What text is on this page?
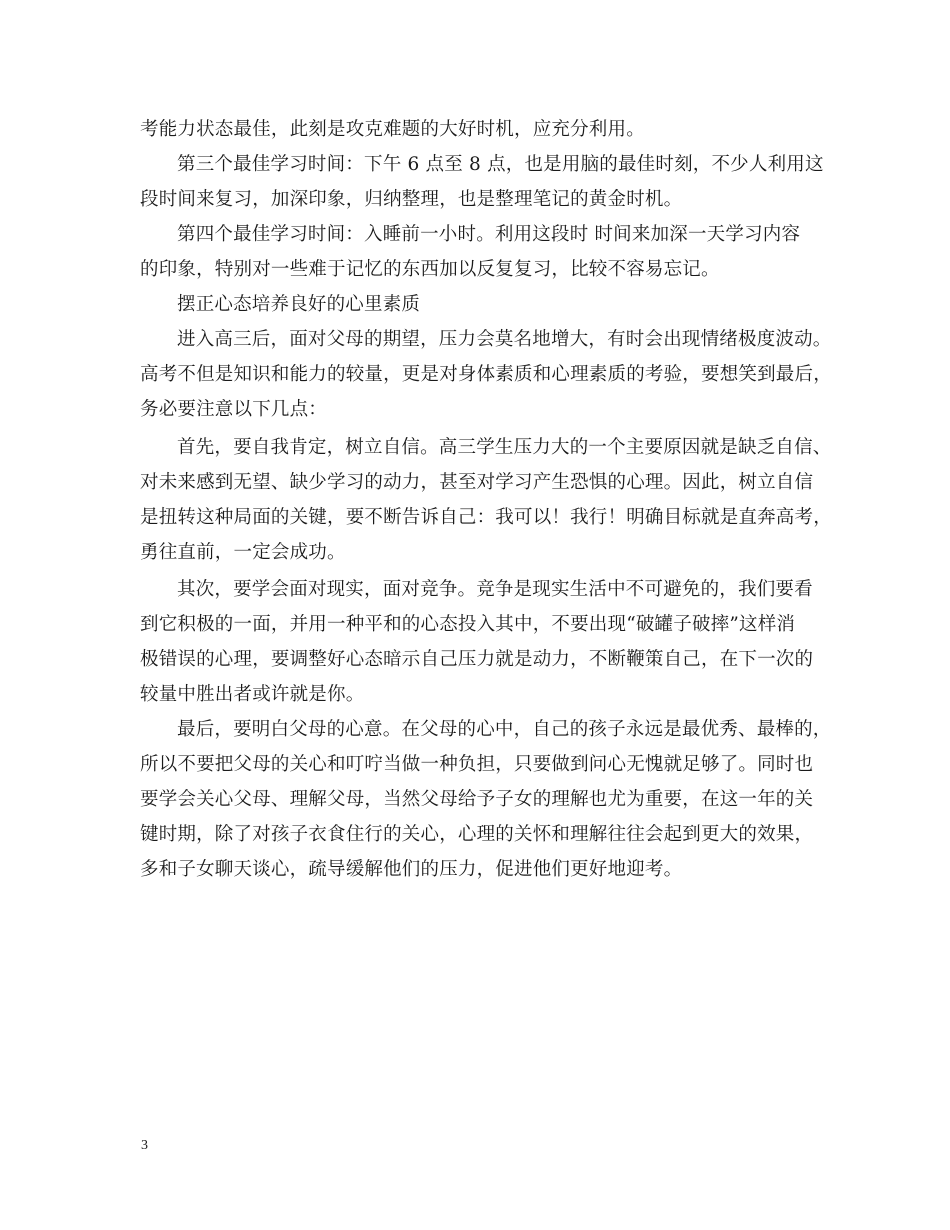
考能力状态最佳，此刻是攻克难题的大好时机，应充分利用。
第三个最佳学习时间：下午 6 点至 8 点，也是用脑的最佳时刻，不少人利用这
段时间来复习，加深印象，归纳整理，也是整理笔记的黄金时机。
第四个最佳学习时间：入睡前一小时。利用这段时 时间来加深一天学习内容
的印象，特别对一些难于记忆的东西加以反复复习，比较不容易忘记。
摆正心态培养良好的心里素质
进入高三后，面对父母的期望，压力会莫名地增大，有时会出现情绪极度波动。
高考不但是知识和能力的较量，更是对身体素质和心理素质的考验，要想笑到最后，
务必要注意以下几点：
首先，要自我肯定，树立自信。高三学生压力大的一个主要原因就是缺乏自信、
对未来感到无望、缺少学习的动力，甚至对学习产生恐惧的心理。因此，树立自信
是扭转这种局面的关键，要不断告诉自己：我可以！我行！明确目标就是直奔高考，
勇往直前，一定会成功。
其次，要学会面对现实，面对竞争。竞争是现实生活中不可避免的，我们要看
到它积极的一面，并用一种平和的心态投入其中，不要出现“破罐子破摔”这样消
极错误的心理，要调整好心态暗示自己压力就是动力，不断鞭策自己，在下一次的
较量中胜出者或许就是你。
最后，要明白父母的心意。在父母的心中，自己的孩子永远是最优秀、最棒的，
所以不要把父母的关心和叮咛当做一种负担，只要做到问心无愧就足够了。同时也
要学会关心父母、理解父母，当然父母给予子女的理解也尤为重要，在这一年的关
键时期，除了对孩子衣食住行的关心，心理的关怀和理解往往会起到更大的效果，
多和子女聊天谈心，疏导缓解他们的压力，促进他们更好地迎考。
3
